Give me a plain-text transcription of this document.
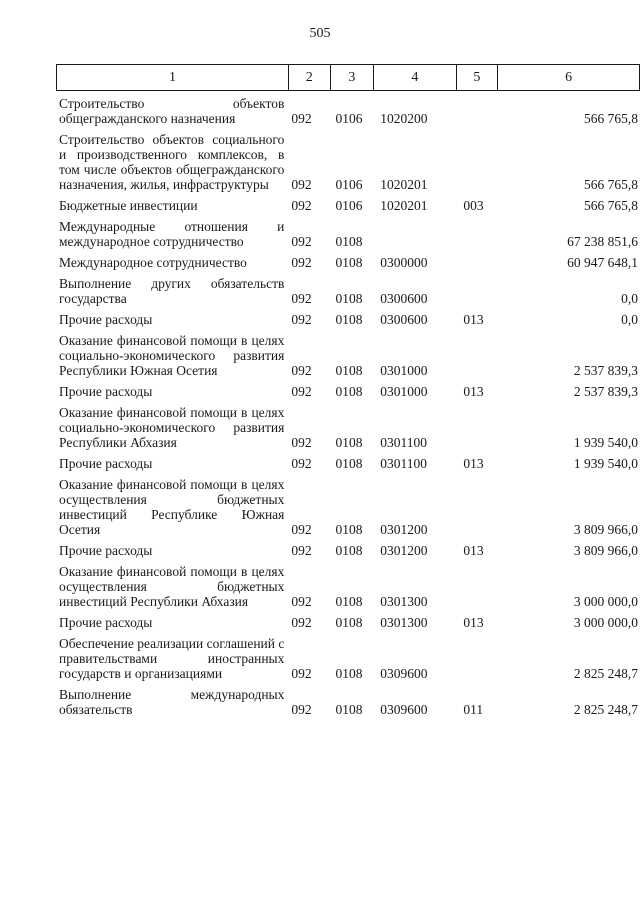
505
1	2	3	4	5	6
Строительство объектов общегражданского назначения	092	0106	1020200		566 765,8

Строительство объектов социального и производственного комплексов, в том числе объектов общегражданского назначения, жилья, инфраструктуры	092	0106	1020201		566 765,8

Бюджетные инвестиции	092	0106	1020201	003	566 765,8

Международные отношения и международное сотрудничество	092	0108			67 238 851,6

Международное сотрудничество	092	0108	0300000		60 947 648,1

Выполнение других обязательств государства	092	0108	0300600		0,0

Прочие расходы	092	0108	0300600	013	0,0

Оказание финансовой помощи в целях социально-экономического развития Республики Южная Осетия	092	0108	0301000		2 537 839,3

Прочие расходы	092	0108	0301000	013	2 537 839,3

Оказание финансовой помощи в целях социально-экономического развития Республики Абхазия	092	0108	0301100		1 939 540,0

Прочие расходы	092	0108	0301100	013	1 939 540,0

Оказание финансовой помощи в целях осуществления бюджетных инвестиций Республике Южная Осетия	092	0108	0301200		3 809 966,0

Прочие расходы	092	0108	0301200	013	3 809 966,0

Оказание финансовой помощи в целях осуществления бюджетных инвестиций Республики Абхазия	092	0108	0301300		3 000 000,0

Прочие расходы	092	0108	0301300	013	3 000 000,0

Обеспечение реализации соглашений с правительствами иностранных государств и организациями	092	0108	0309600		2 825 248,7

Выполнение международных обязательств	092	0108	0309600	011	2 825 248,7
